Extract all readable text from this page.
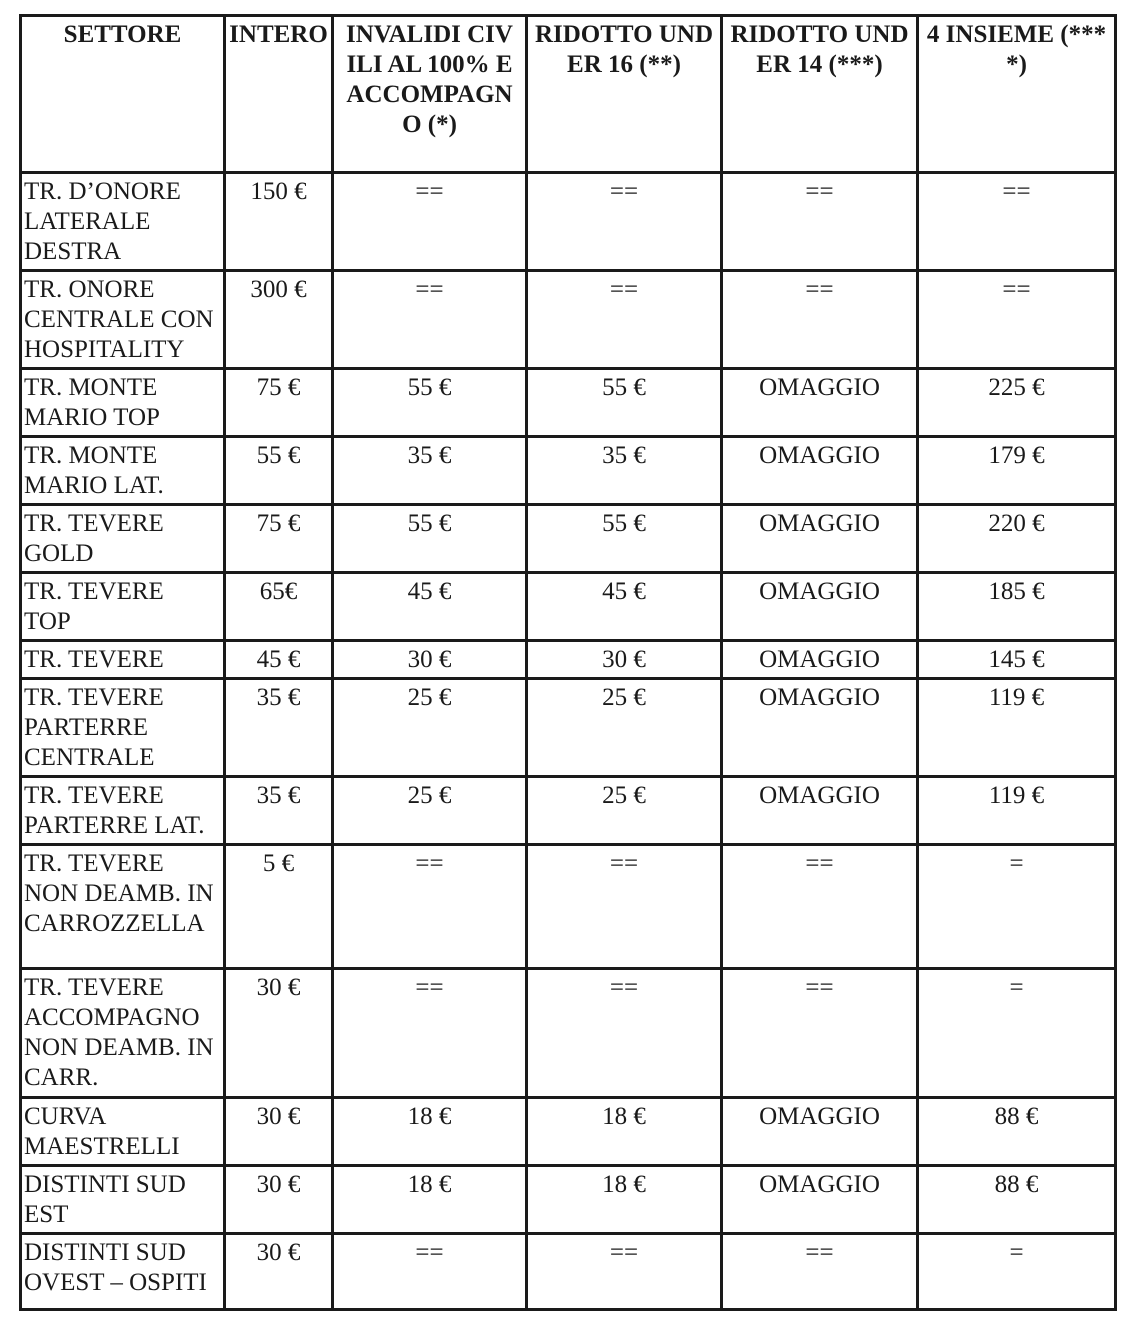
SETTORE	INTERO	INVALIDI CIVILI AL 100% E ACCOMPAGNO (*)	RIDOTTO UNDER 16 (**)	RIDOTTO UNDER 14 (***)	4 INSIEME (****)
TR. D’ONORE
LATERALE
DESTRA	150 €	==	==	==	==
TR. ONORE
CENTRALE CON
HOSPITALITY	300 €	==	==	==	==
TR. MONTE
MARIO TOP	75 €	55 €	55 €	OMAGGIO	225 €
TR. MONTE
MARIO LAT.	55 €	35 €	35 €	OMAGGIO	179 €
TR. TEVERE
GOLD	75 €	55 €	55 €	OMAGGIO	220 €
TR. TEVERE
TOP	65€	45 €	45 €	OMAGGIO	185 €
TR. TEVERE	45 €	30 €	30 €	OMAGGIO	145 €
TR. TEVERE
PARTERRE
CENTRALE	35 €	25 €	25 €	OMAGGIO	119 €
TR. TEVERE
PARTERRE LAT.	35 €	25 €	25 €	OMAGGIO	119 €
TR. TEVERE
NON DEAMB. IN
CARROZZELLA	5 €	==	==	==	=
TR. TEVERE
ACCOMPAGNO
NON DEAMB. IN
CARR.	30 €	==	==	==	=
CURVA
MAESTRELLI	30 €	18 €	18 €	OMAGGIO	88 €
DISTINTI SUD
EST	30 €	18 €	18 €	OMAGGIO	88 €
DISTINTI SUD
OVEST – OSPITI	30 €	==	==	==	=
